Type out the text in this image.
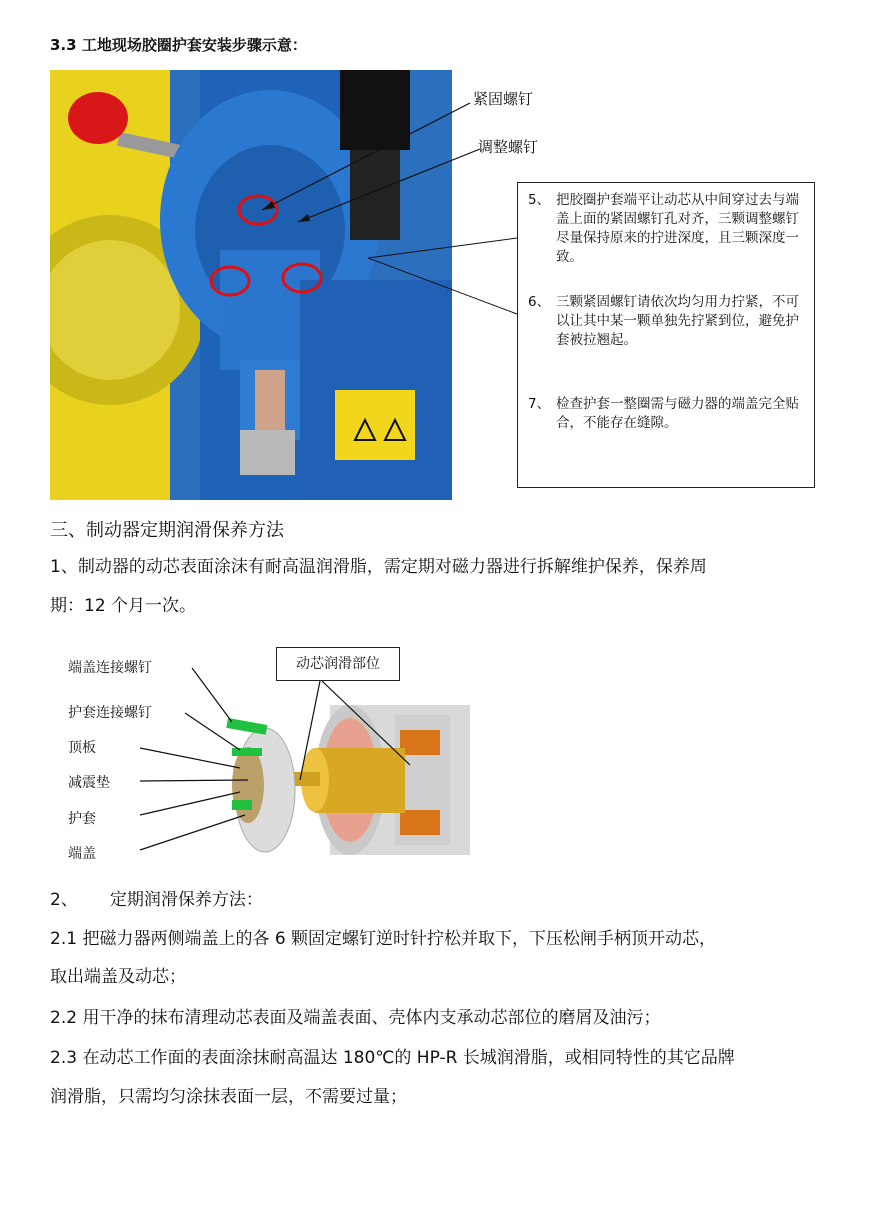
3.3 工地现场胶圈护套安装步骤示意：
紧固螺钉
调整螺钉
5、 把胶圈护套端平让动芯从中间穿过去与端盖上面的紧固螺钉孔对齐，三颗调整螺钉尽量保持原来的拧进深度，且三颗深度一致。
6、 三颗紧固螺钉请依次均匀用力拧紧，不可以让其中某一颗单独先拧紧到位，避免护套被拉翘起。
7、 检查护套一整圈需与磁力器的端盖完全贴合，不能存在缝隙。
三、制动器定期润滑保养方法
1、制动器的动芯表面涂沫有耐高温润滑脂，需定期对磁力器进行拆解维护保养，保养周
期：12 个月一次。
动芯润滑部位
端盖连接螺钉
护套连接螺钉
顶板
减震垫
护套
端盖
2、 定期润滑保养方法：
2.1 把磁力器两侧端盖上的各 6 颗固定螺钉逆时针拧松并取下，下压松闸手柄顶开动芯，
取出端盖及动芯；
2.2 用干净的抹布清理动芯表面及端盖表面、壳体内支承动芯部位的磨屑及油污；
2.3 在动芯工作面的表面涂抹耐高温达 180℃的 HP-R 长城润滑脂，或相同特性的其它品牌
润滑脂，只需均匀涂抹表面一层，不需要过量；
